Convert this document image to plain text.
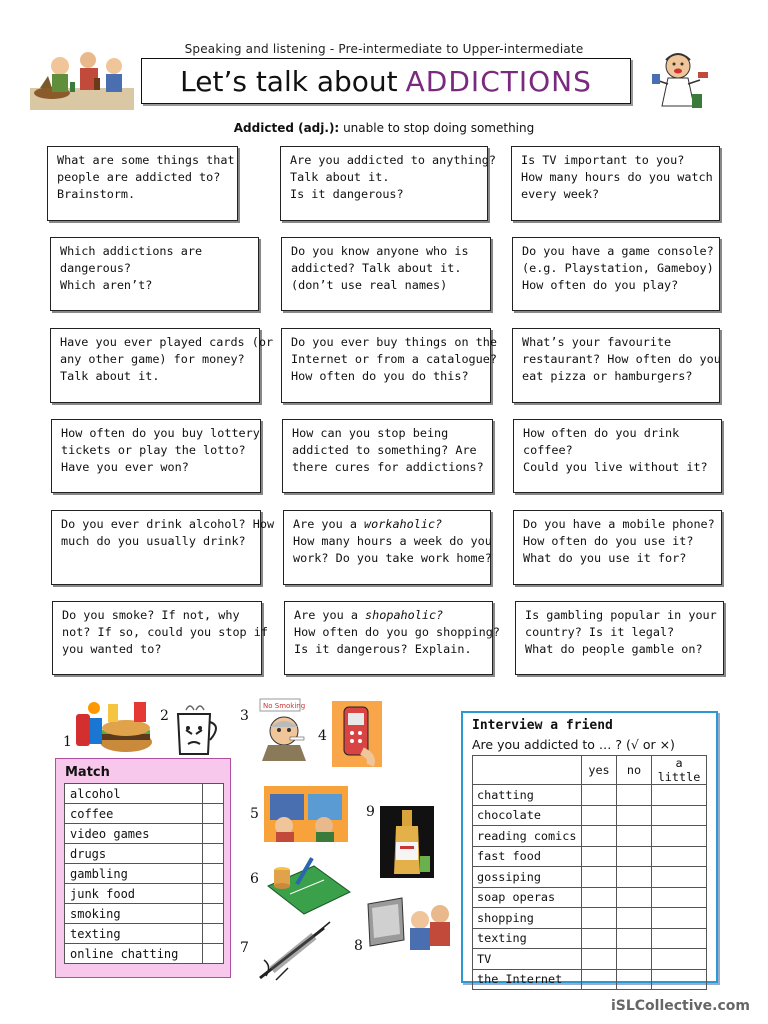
Speaking and listening - Pre-intermediate to Upper-intermediate
Let’s talk about ADDICTIONS
Addicted (adj.): unable to stop doing something
What are some things that
people are addicted to?
Brainstorm.
Are you addicted to anything?
Talk about it.
Is it dangerous?
Is TV important to you?
How many hours do you watch
every week?
Which addictions are
dangerous?
Which aren’t?
Do you know anyone who is
addicted? Talk about it.
(don’t use real names)
Do you have a game console?
(e.g. Playstation, Gameboy)
How often do you play?
Have you ever played cards (or
any other game) for money?
Talk about it.
Do you ever buy things on the
Internet or from a catalogue?
How often do you do this?
What’s your favourite
restaurant? How often do you
eat pizza or hamburgers?
How often do you buy lottery
tickets or play the lotto?
Have you ever won?
How can you stop being
addicted to something? Are
there cures for addictions?
How often do you drink
coffee?
Could you live without it?
Do you ever drink alcohol? How
much do you usually drink?
Are you a workaholic?
How many hours a week do you
work? Do you take work home?
Do you have a mobile phone?
How often do you use it?
What do you use it for?
Do you smoke? If not, why
not? If so, could you stop if
you wanted to?
Are you a shopaholic?
How often do you go shopping?
Is it dangerous? Explain.
Is gambling popular in your
country? Is it legal?
What do people gamble on?
1
2	3
No Smoking
4
5	9
6
7	8
Match
alcohol	
coffee	
video games	
drugs	
gambling	
junk food	
smoking	
texting	
online chatting	
Interview a friend
Are you addicted to … ? (√ or ×)
	yes	no	a little
chatting			
chocolate			
reading comics			
fast food			
gossiping			
soap operas			
shopping			
texting			
TV			
the Internet			
iSLCollective.com
